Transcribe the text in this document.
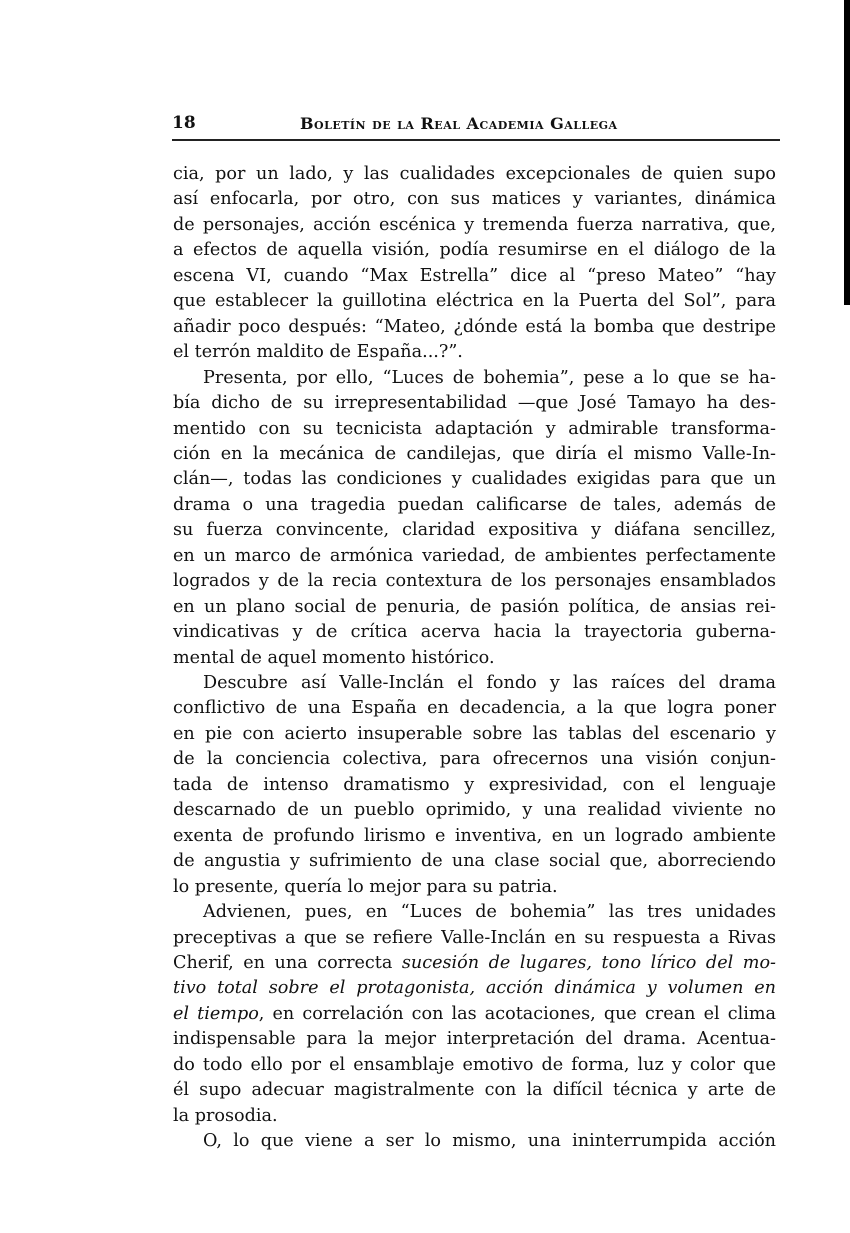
18	Boletín de la Real Academia Gallega
cia, por un lado, y las cualidades excepcionales de quien supo
así enfocarla, por otro, con sus matices y variantes, dinámica
de personajes, acción escénica y tremenda fuerza narrativa, que,
a efectos de aquella visión, podía resumirse en el diálogo de la
escena VI, cuando “Max Estrella” dice al “preso Mateo” “hay
que establecer la guillotina eléctrica en la Puerta del Sol”, para
añadir poco después: “Mateo, ¿dónde está la bomba que destripe
el terrón maldito de España...?”.
Presenta, por ello, “Luces de bohemia”, pese a lo que se ha-
bía dicho de su irrepresentabilidad —que José Tamayo ha des-
mentido con su tecnicista adaptación y admirable transforma-
ción en la mecánica de candilejas, que diría el mismo Valle-In-
clán—, todas las condiciones y cualidades exigidas para que un
drama o una tragedia puedan calificarse de tales, además de
su fuerza convincente, claridad expositiva y diáfana sencillez,
en un marco de armónica variedad, de ambientes perfectamente
logrados y de la recia contextura de los personajes ensamblados
en un plano social de penuria, de pasión política, de ansias rei-
vindicativas y de crítica acerva hacia la trayectoria guberna-
mental de aquel momento histórico.
Descubre así Valle-Inclán el fondo y las raíces del drama
conflictivo de una España en decadencia, a la que logra poner
en pie con acierto insuperable sobre las tablas del escenario y
de la conciencia colectiva, para ofrecernos una visión conjun-
tada de intenso dramatismo y expresividad, con el lenguaje
descarnado de un pueblo oprimido, y una realidad viviente no
exenta de profundo lirismo e inventiva, en un logrado ambiente
de angustia y sufrimiento de una clase social que, aborreciendo
lo presente, quería lo mejor para su patria.
Advienen, pues, en “Luces de bohemia” las tres unidades
preceptivas a que se refiere Valle-Inclán en su respuesta a Rivas
Cherif, en una correcta sucesión de lugares, tono lírico del mo-
tivo total sobre el protagonista, acción dinámica y volumen en
el tiempo, en correlación con las acotaciones, que crean el clima
indispensable para la mejor interpretación del drama. Acentua-
do todo ello por el ensamblaje emotivo de forma, luz y color que
él supo adecuar magistralmente con la difícil técnica y arte de
la prosodia.
O, lo que viene a ser lo mismo, una ininterrumpida acción
